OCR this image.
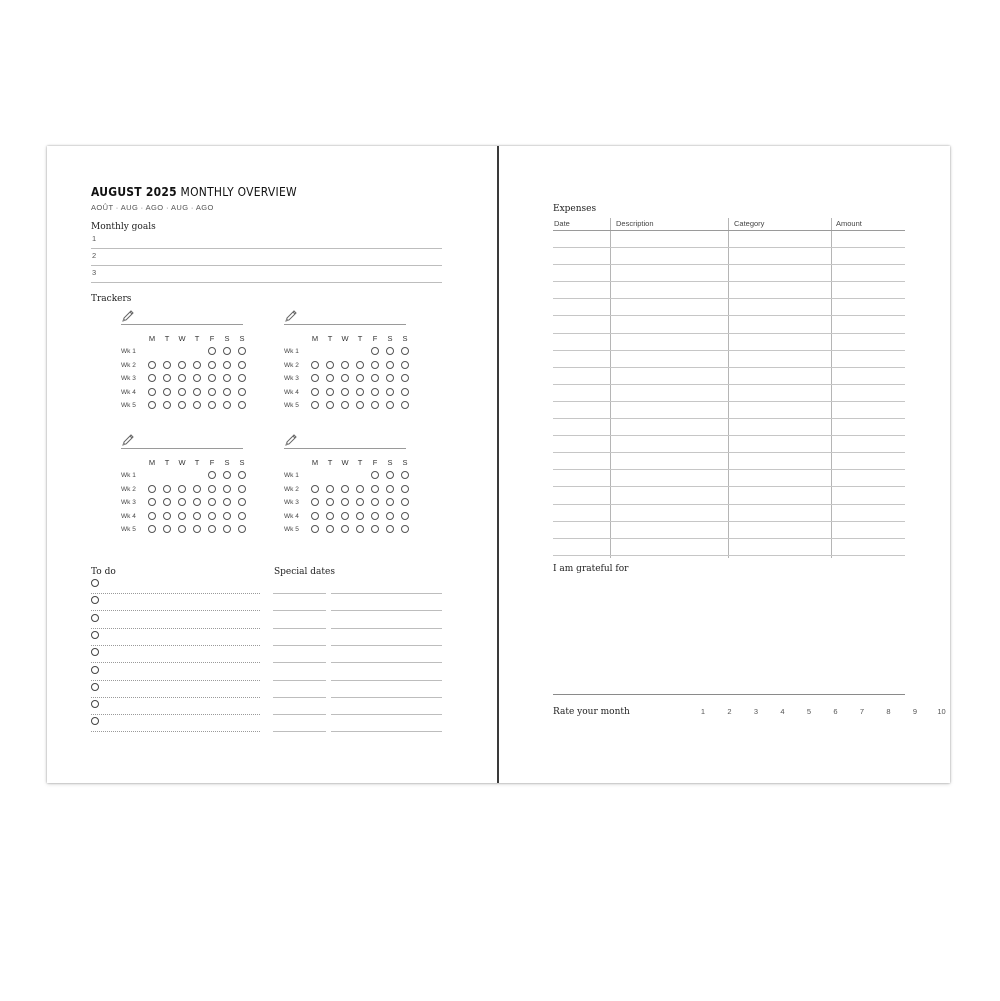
AUGUST 2025 MONTHLY OVERVIEW
AOÛT · AUG · AGO · AUG · AGO
Monthly goals
1
2
3
Trackers
M	T	W	T	F	S	S
Wk 1
Wk 2
Wk 3
Wk 4
Wk 5
M	T	W	T	F	S	S
Wk 1
Wk 2
Wk 3
Wk 4
Wk 5
M	T	W	T	F	S	S
Wk 1
Wk 2
Wk 3
Wk 4
Wk 5
M	T	W	T	F	S	S
Wk 1
Wk 2
Wk 3
Wk 4
Wk 5
To do	Special dates
Expenses
Date	Description	Category	Amount
I am grateful for
Rate your month	1	2	3	4	5	6	7	8	9	10
